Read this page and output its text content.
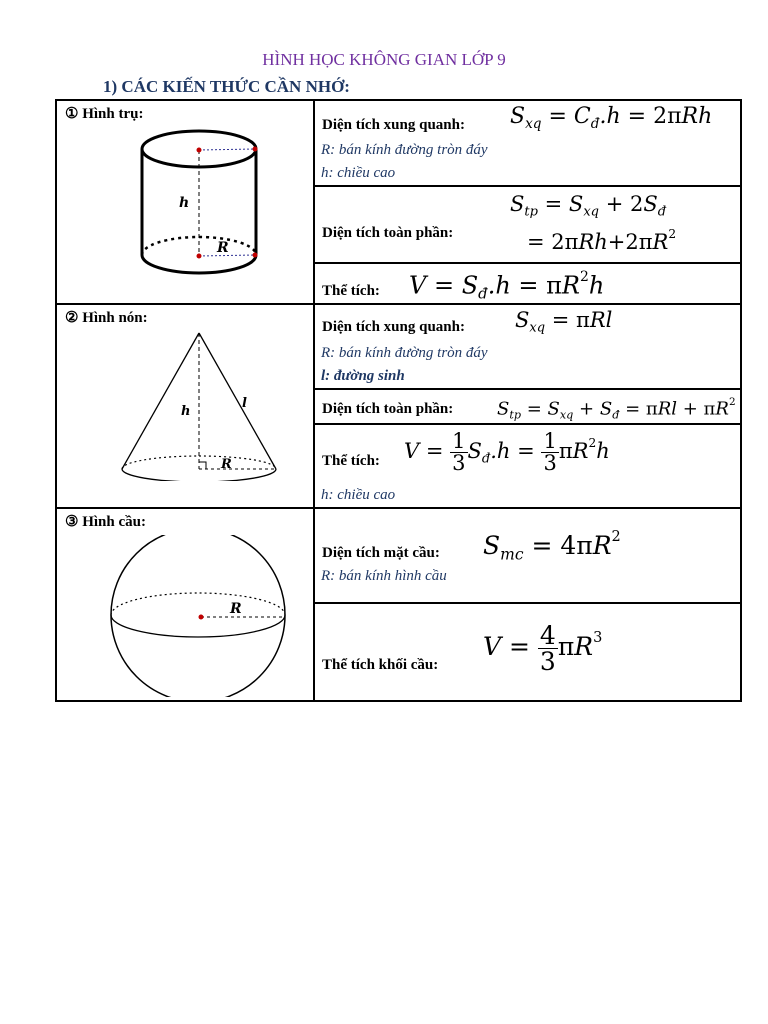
HÌNH HỌC KHÔNG GIAN LỚP 9
1) CÁC KIẾN THỨC CẦN NHỚ:
① Hình trụ:
h
R
Diện tích xung quanh: $S_{xq} = C_đ.h = 2\pi Rh$
R: bán kính đường tròn đáy
h: chiều cao
Diện tích toàn phần:
$S_{tp} = S_{xq} + 2S_đ$
= $2\pi Rh+2\pi R^2$
Thể tích: $V = S_đ.h = \pi R^2h$
② Hình nón:
h
l
R
Diện tích xung quanh: $S_{xq} = \pi Rl$
R: bán kính đường tròn đáy
l: đường sinh
Diện tích toàn phần: $S_{tp} = S_{xq} + S_đ = \pi Rl + \pi R^2$
Thể tích: $V = \frac{1}{3} S_đ.h = \frac{1}{3} \pi R^2h$
h: chiều cao
③ Hình cầu:
R
Diện tích mặt cầu: $S_{mc} = 4\pi R^2$
R: bán kính hình cầu
Thể tích khối cầu:
$V = \frac{4}{3} \pi R^3$
